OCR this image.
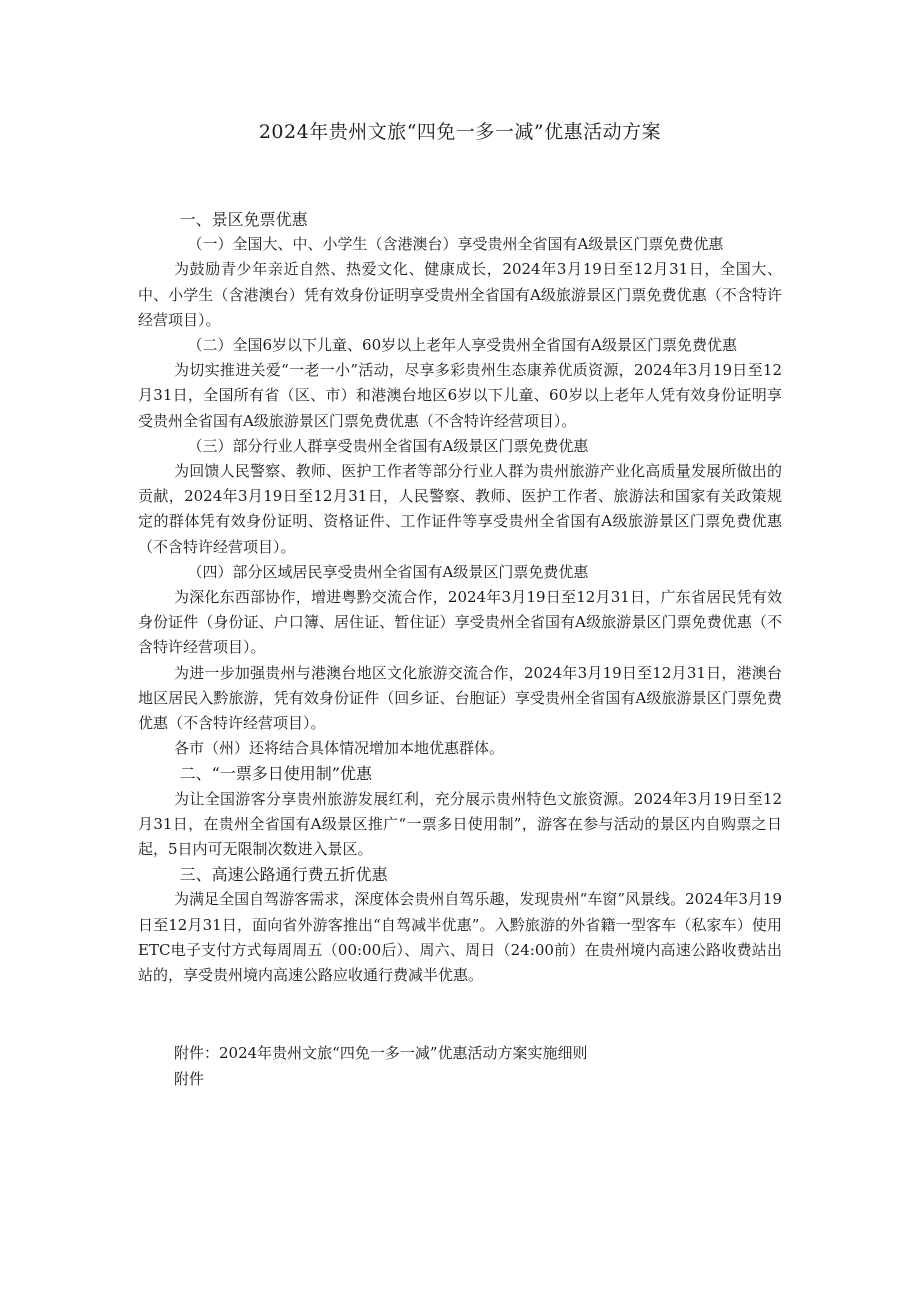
2024年贵州文旅“四免一多一减”优惠活动方案

一、景区免票优惠

（一）全国大、中、小学生（含港澳台）享受贵州全省国有A级景区门票免费优惠

为鼓励青少年亲近自然、热爱文化、健康成长，2024年3月19日至12月31日，全国大、中、小学生（含港澳台）凭有效身份证明享受贵州全省国有A级旅游景区门票免费优惠（不含特许经营项目）。

（二）全国6岁以下儿童、60岁以上老年人享受贵州全省国有A级景区门票免费优惠

为切实推进关爱“一老一小”活动，尽享多彩贵州生态康养优质资源，2024年3月19日至12月31日，全国所有省（区、市）和港澳台地区6岁以下儿童、60岁以上老年人凭有效身份证明享受贵州全省国有A级旅游景区门票免费优惠（不含特许经营项目）。

（三）部分行业人群享受贵州全省国有A级景区门票免费优惠

为回馈人民警察、教师、医护工作者等部分行业人群为贵州旅游产业化高质量发展所做出的贡献，2024年3月19日至12月31日，人民警察、教师、医护工作者、旅游法和国家有关政策规定的群体凭有效身份证明、资格证件、工作证件等享受贵州全省国有A级旅游景区门票免费优惠（不含特许经营项目）。

（四）部分区域居民享受贵州全省国有A级景区门票免费优惠

为深化东西部协作，增进粤黔交流合作，2024年3月19日至12月31日，广东省居民凭有效身份证件（身份证、户口簿、居住证、暂住证）享受贵州全省国有A级旅游景区门票免费优惠（不含特许经营项目）。

为进一步加强贵州与港澳台地区文化旅游交流合作，2024年3月19日至12月31日，港澳台地区居民入黔旅游，凭有效身份证件（回乡证、台胞证）享受贵州全省国有A级旅游景区门票免费优惠（不含特许经营项目）。

各市（州）还将结合具体情况增加本地优惠群体。

二、“一票多日使用制”优惠

为让全国游客分享贵州旅游发展红利，充分展示贵州特色文旅资源。2024年3月19日至12月31日，在贵州全省国有A级景区推广“一票多日使用制”，游客在参与活动的景区内自购票之日起，5日内可无限制次数进入景区。

三、高速公路通行费五折优惠

为满足全国自驾游客需求，深度体会贵州自驾乐趣，发现贵州“车窗”风景线。2024年3月19日至12月31日，面向省外游客推出“自驾减半优惠”。入黔旅游的外省籍一型客车（私家车）使用ETC电子支付方式每周周五（00:00后）、周六、周日（24:00前）在贵州境内高速公路收费站出站的，享受贵州境内高速公路应收通行费减半优惠。

附件：2024年贵州文旅“四免一多一减”优惠活动方案实施细则

附件
